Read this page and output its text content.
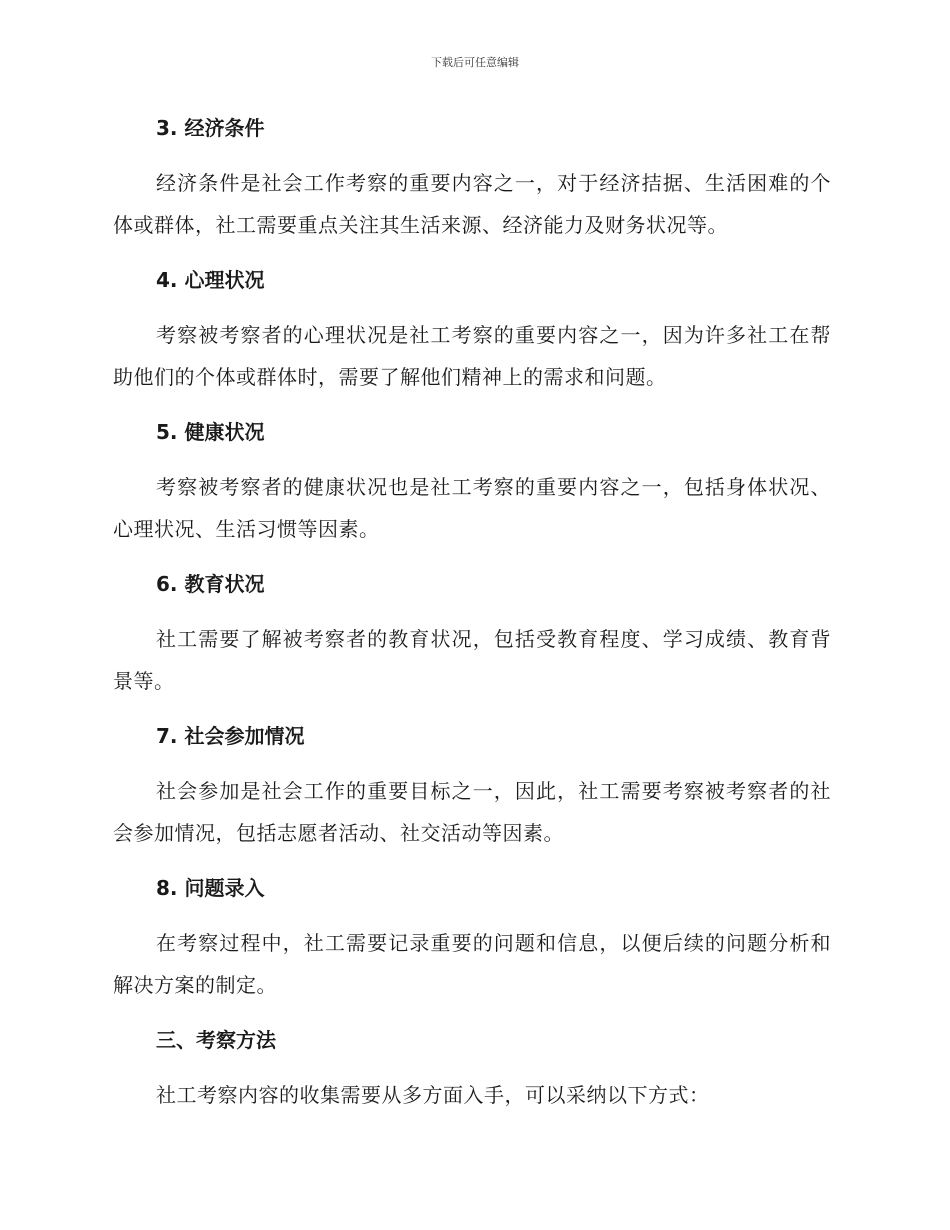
下载后可任意编辑
3. 经济条件
经济条件是社会工作考察的重要内容之一，对于经济拮据、生活困难的个体或群体，社工需要重点关注其生活来源、经济能力及财务状况等。
4. 心理状况
考察被考察者的心理状况是社工考察的重要内容之一，因为许多社工在帮助他们的个体或群体时，需要了解他们精神上的需求和问题。
5. 健康状况
考察被考察者的健康状况也是社工考察的重要内容之一，包括身体状况、心理状况、生活习惯等因素。
6. 教育状况
社工需要了解被考察者的教育状况，包括受教育程度、学习成绩、教育背景等。
7. 社会参加情况
社会参加是社会工作的重要目标之一，因此，社工需要考察被考察者的社会参加情况，包括志愿者活动、社交活动等因素。
8. 问题录入
在考察过程中，社工需要记录重要的问题和信息，以便后续的问题分析和解决方案的制定。
三、考察方法
社工考察内容的收集需要从多方面入手，可以采纳以下方式：
